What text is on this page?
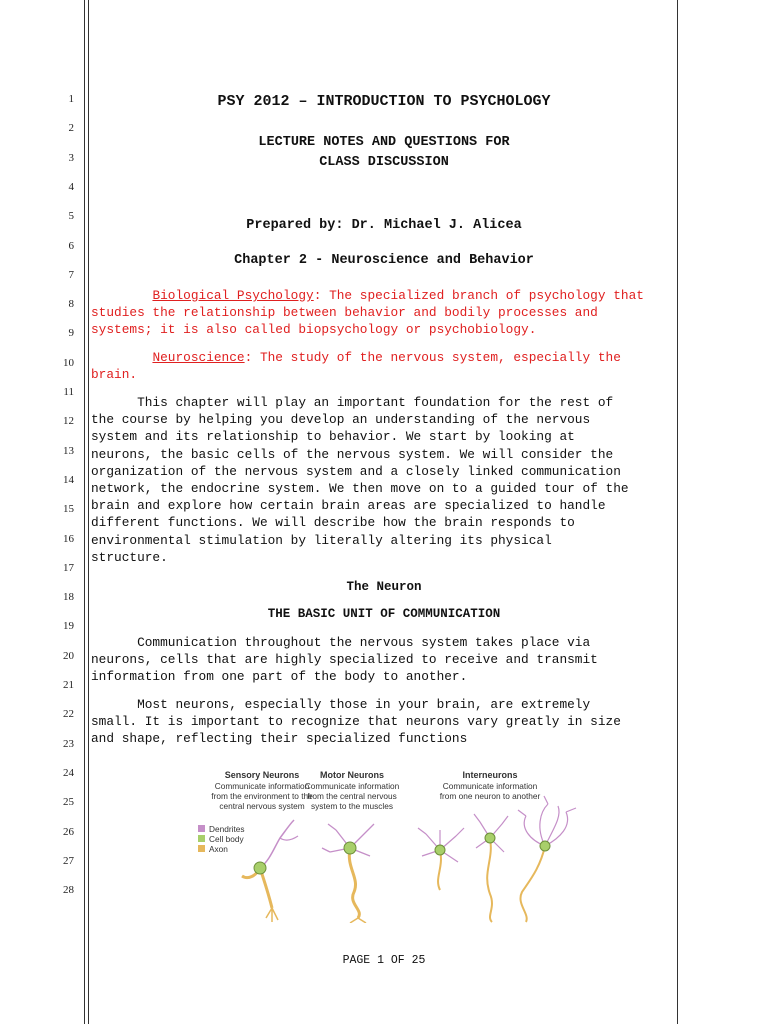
1
2
3
4
5
6
7
8
9
10
11
12
13
14
15
16
17
18
19
20
21
22
23
24
25
26
27
28
PSY 2012 – INTRODUCTION TO PSYCHOLOGY
LECTURE NOTES AND QUESTIONS FOR
CLASS DISCUSSION
Prepared by: Dr. Michael J. Alicea
Chapter 2 - Neuroscience and Behavior
Biological Psychology: The specialized branch of psychology that
studies the relationship between behavior and bodily processes and
systems; it is also called biopsychology or psychobiology.
Neuroscience: The study of the nervous system, especially the
brain.
This chapter will play an important foundation for the rest of
the course by helping you develop an understanding of the nervous
system and its relationship to behavior. We start by looking at
neurons, the basic cells of the nervous system. We will consider the
organization of the nervous system and a closely linked communication
network, the endocrine system. We then move on to a guided tour of the
brain and explore how certain brain areas are specialized to handle
different functions. We will describe how the brain responds to
environmental stimulation by literally altering its physical
structure.
The Neuron
THE BASIC UNIT OF COMMUNICATION
Communication throughout the nervous system takes place via
neurons, cells that are highly specialized to receive and transmit
information from one part of the body to another.
Most neurons, especially those in your brain, are extremely
small. It is important to recognize that neurons vary greatly in size
and shape, reflecting their specialized functions
Sensory Neurons
Communicate information
from the environment to the
central nervous system
Motor Neurons
Communicate information
from the central nervous
system to the muscles
Interneurons
Communicate information
from one neuron to another
Dendrites
Cell body
Axon
PAGE 1 OF 25
